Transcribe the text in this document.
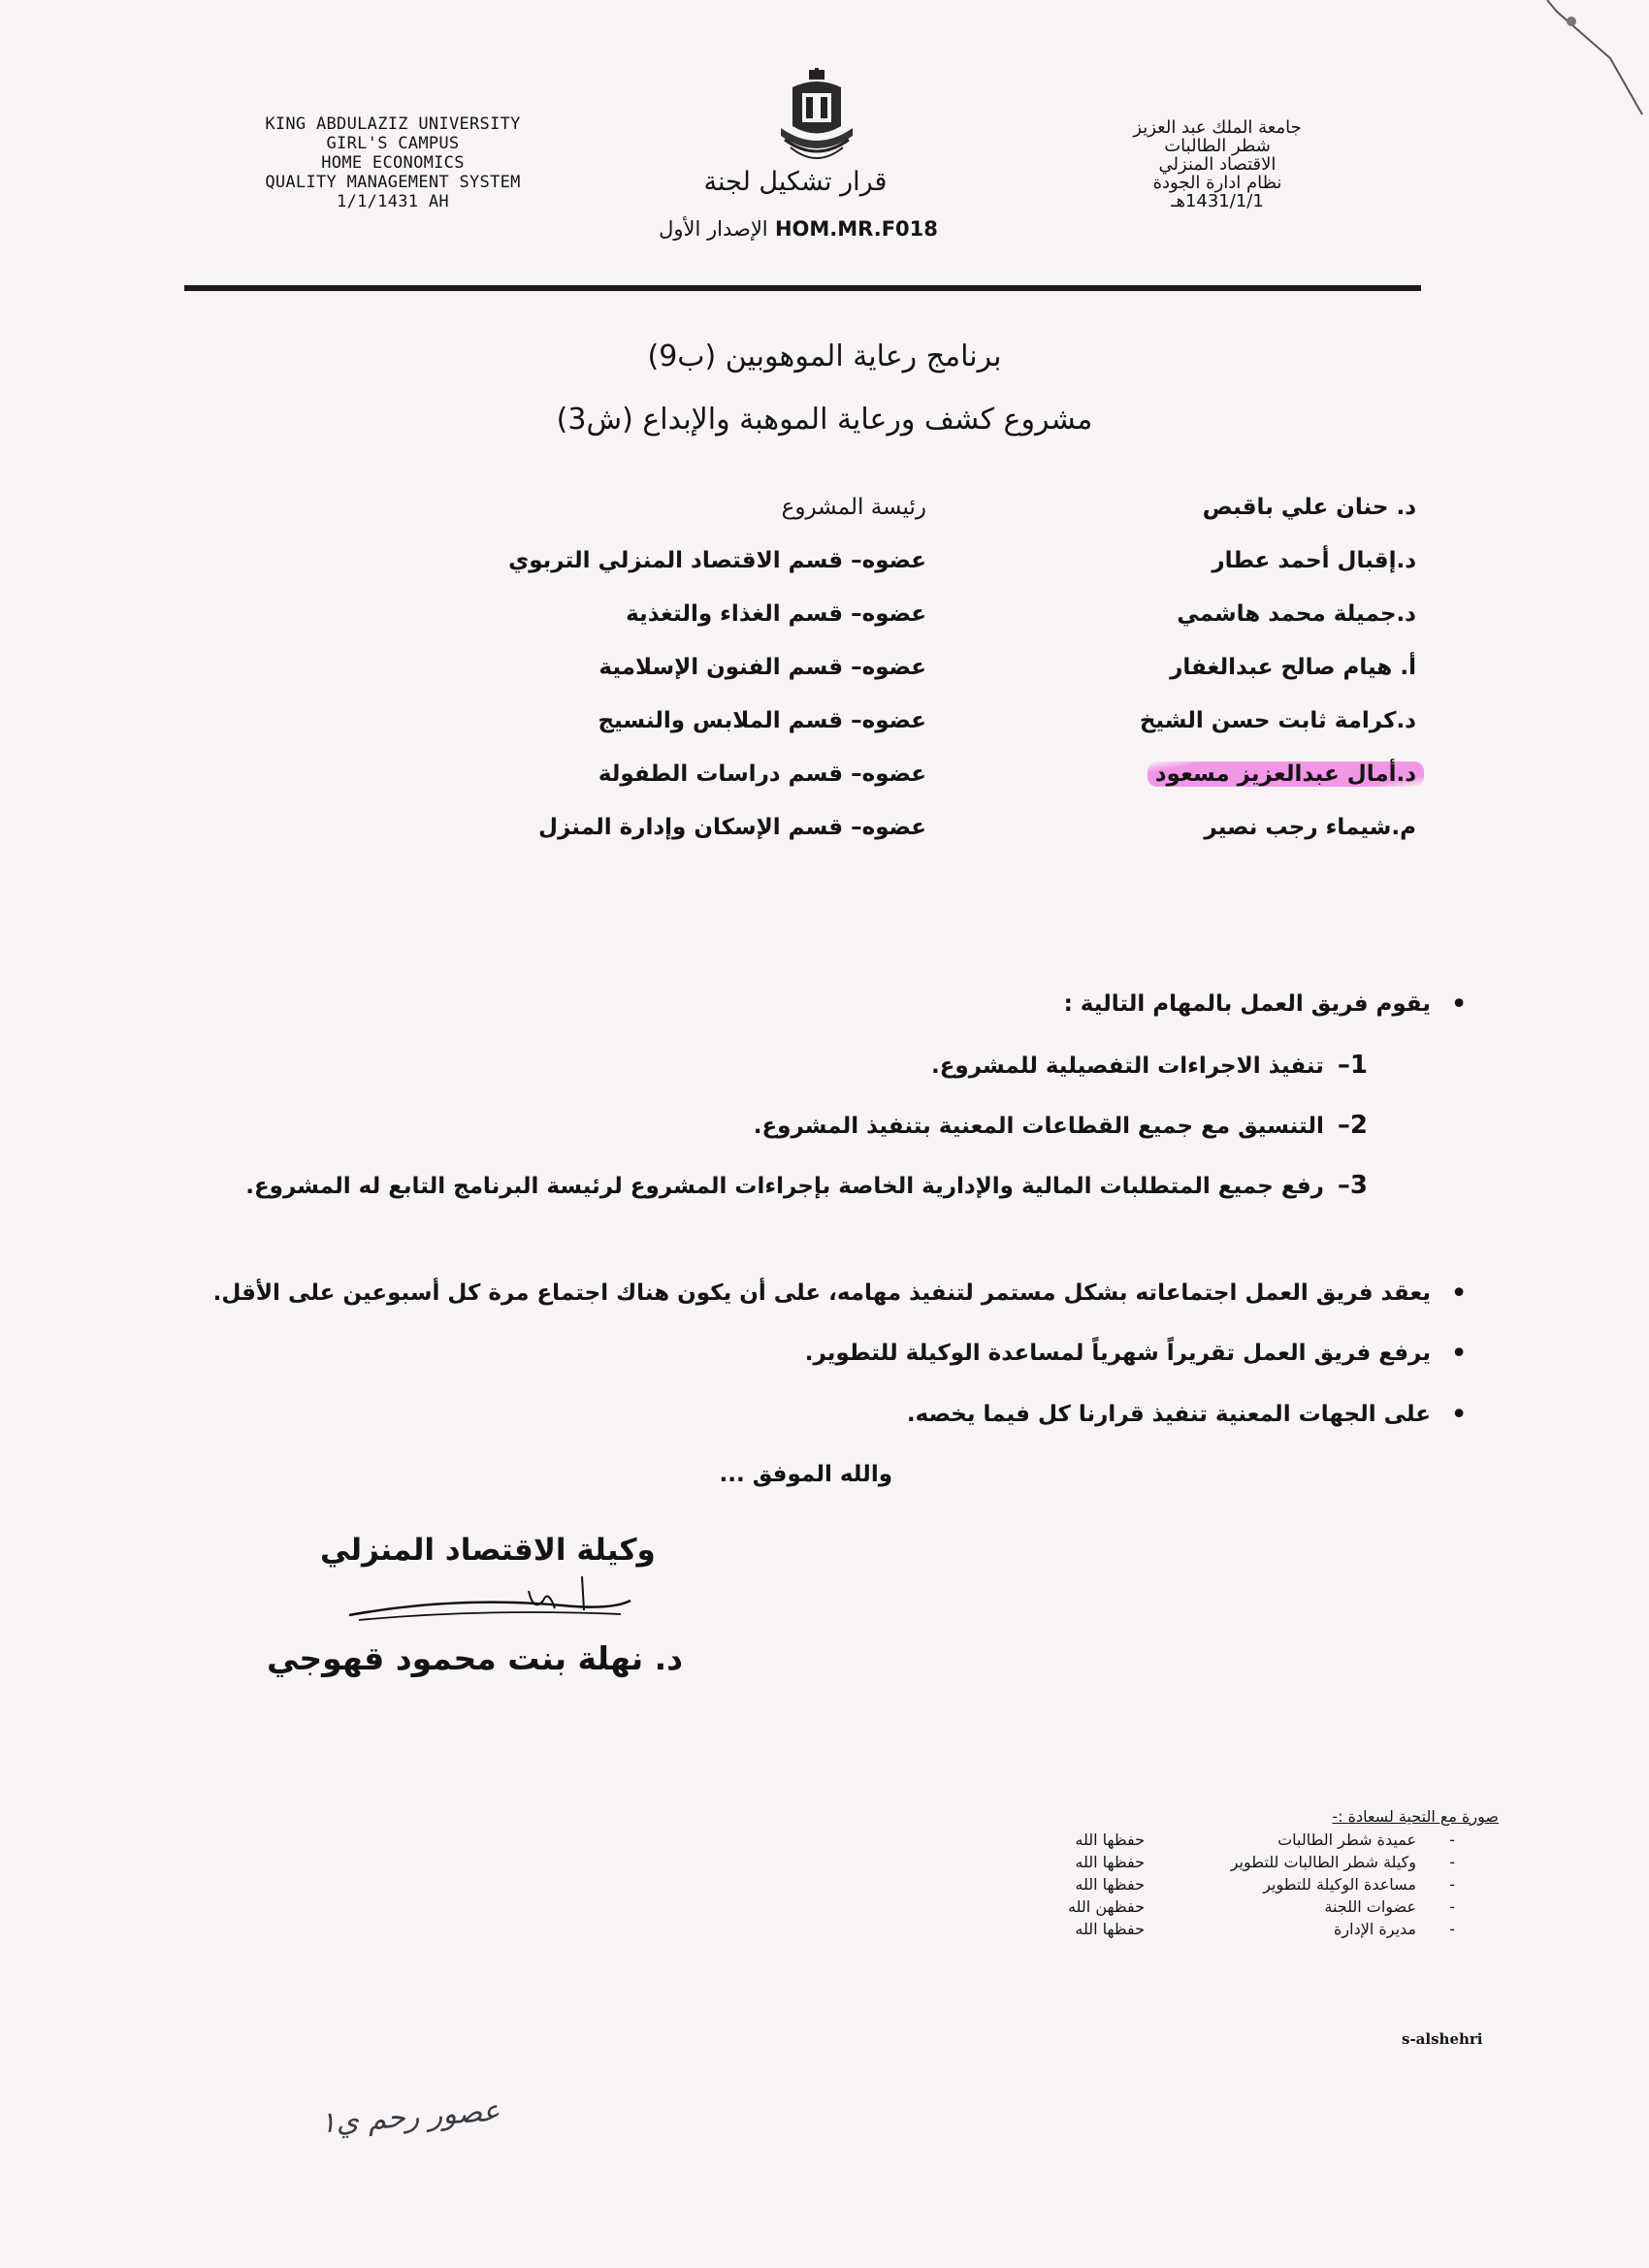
KING ABDULAZIZ UNIVERSITY
GIRL'S CAMPUS
HOME ECONOMICS
QUALITY MANAGEMENT SYSTEM
1/1/1431 AH
قرار تشكيل لجنة
الإصدار الأول HOM.MR.F018
جامعة الملك عبد العزيز
شطر الطالبات
الاقتصاد المنزلي
نظام ادارة الجودة
1431/1/1هـ
برنامج رعاية الموهوبين (ب9)
مشروع كشف ورعاية الموهبة والإبداع (ش3)
د. حنان علي باقبص
رئيسة المشروع
د.إقبال أحمد عطار
عضوه– قسم الاقتصاد المنزلي التربوي
د.جميلة محمد هاشمي
عضوه– قسم الغذاء والتغذية
أ. هيام صالح عبدالغفار
عضوه– قسم الفنون الإسلامية
د.كرامة ثابت حسن الشيخ
عضوه– قسم الملابس والنسيج
د.أمال عبدالعزيز مسعود
عضوه– قسم دراسات الطفولة
م.شيماء رجب نصير
عضوه– قسم الإسكان وإدارة المنزل
• يقوم فريق العمل بالمهام التالية :
1–تنفيذ الاجراءات التفصيلية للمشروع.
2–التنسيق مع جميع القطاعات المعنية بتنفيذ المشروع.
3–رفع جميع المتطلبات المالية والإدارية الخاصة بإجراءات المشروع لرئيسة البرنامج التابع له المشروع.
• يعقد فريق العمل اجتماعاته بشكل مستمر لتنفيذ مهامه، على أن يكون هناك اجتماع مرة كل أسبوعين على الأقل.
• يرفع فريق العمل تقريراً شهرياً لمساعدة الوكيلة للتطوير.
• على الجهات المعنية تنفيذ قرارنا كل فيما يخصه.
والله الموفق ...
وكيلة الاقتصاد المنزلي
د. نهلة بنت محمود قهوجي
صورة مع التحية لسعادة :-
-
عميدة شطر الطالبات
حفظها الله
-
وكيلة شطر الطالبات للتطوير
حفظها الله
-
مساعدة الوكيلة للتطوير
حفظها الله
-
عضوات اللجنة
حفظهن الله
-
مديرة الإدارة
حفظها الله
s-alshehri
عصور رحم ي١
